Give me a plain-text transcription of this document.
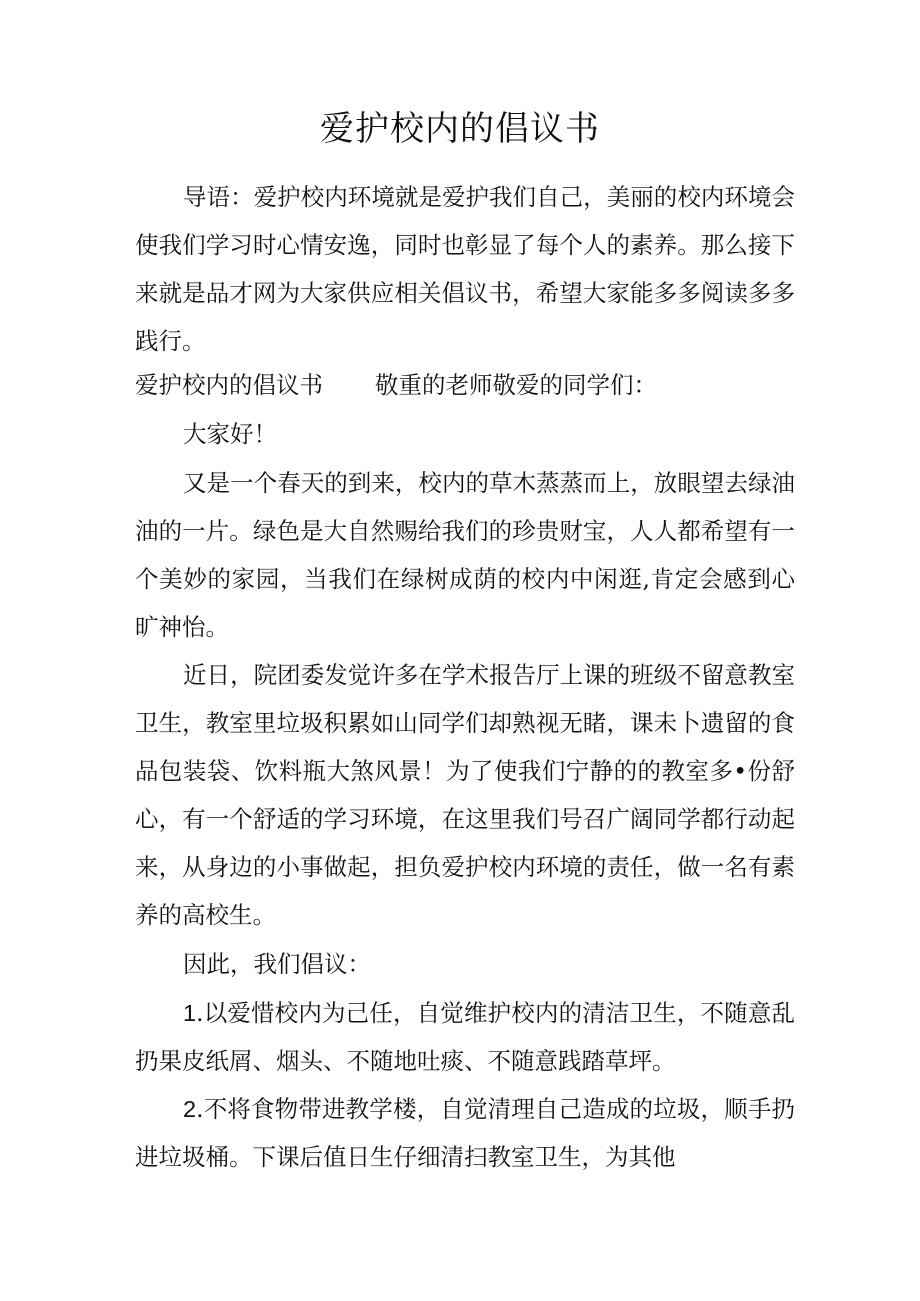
爱护校内的倡议书

导语：爱护校内环境就是爱护我们自己，美丽的校内环境会使我们学习时心情安逸，同时也彰显了每个人的素养。那么接下来就是品才网为大家供应相关倡议书，希望大家能多多阅读多多践行。

爱护校内的倡议书 敬重的老师敬爱的同学们：

大家好！

又是一个春天的到来，校内的草木蒸蒸而上，放眼望去绿油油的一片。绿色是大自然赐给我们的珍贵财宝，人人都希望有一个美妙的家园，当我们在绿树成荫的校内中闲逛,肯定会感到心旷神怡。

近日，院团委发觉许多在学术报告厅上课的班级不留意教室卫生，教室里垃圾积累如山同学们却熟视无睹，课未卜遗留的食品包装袋、饮料瓶大煞风景！为了使我们宁静的的教室多•份舒心，有一个舒适的学习环境，在这里我们号召广阔同学都行动起来，从身边的小事做起，担负爱护校内环境的责任，做一名有素养的高校生。

因此，我们倡议：

1.以爱惜校内为己任，自觉维护校内的清洁卫生，不随意乱扔果皮纸屑、烟头、不随地吐痰、不随意践踏草坪。

2.不将食物带进教学楼，自觉清理自己造成的垃圾，顺手扔进垃圾桶。下课后值日生仔细清扫教室卫生，为其他
